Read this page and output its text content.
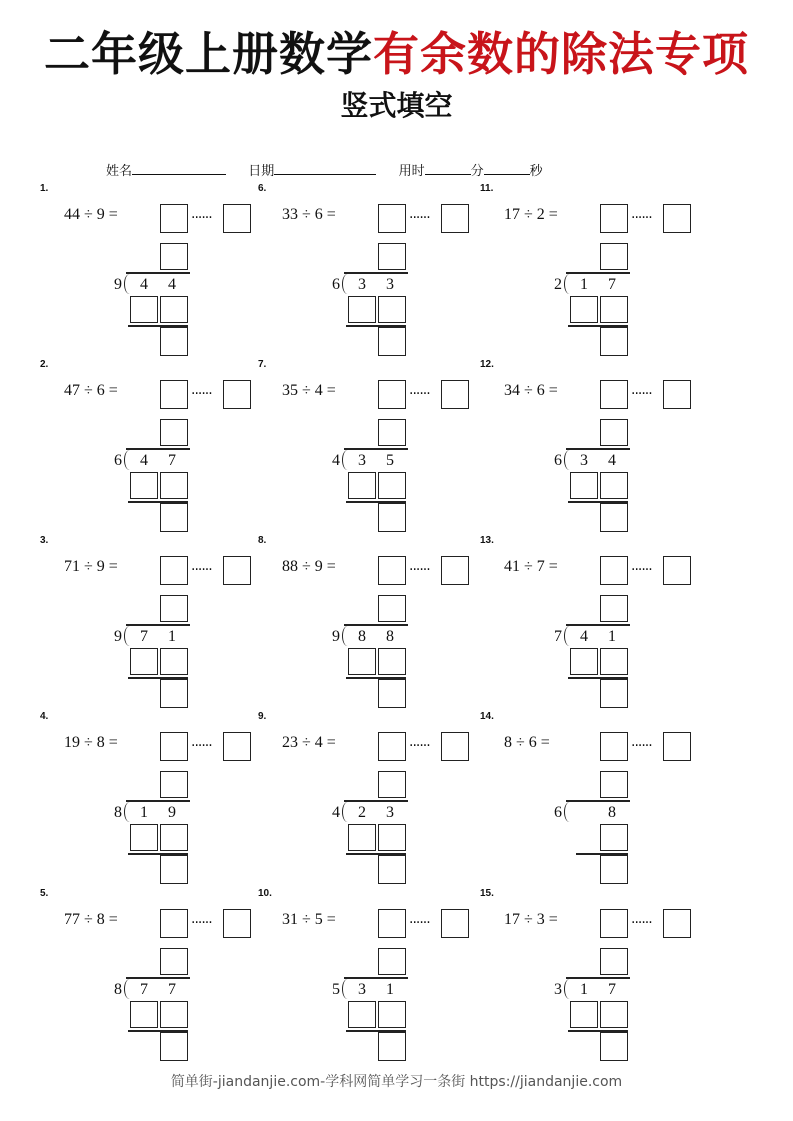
二年级上册数学有余数的除法专项
竖式填空
姓名	日期	用时	分	秒
1.
44 ÷ 9 =	······
9 4 4
2.
47 ÷ 6 =	······
6 4 7
3.
71 ÷ 9 =	······
9 7 1
4.
19 ÷ 8 =	······
8 1 9
5.
77 ÷ 8 =	······
8 7 7
6.
33 ÷ 6 =	······
6 3 3
7.
35 ÷ 4 =	······
4 3 5
8.
88 ÷ 9 =	······
9 8 8
9.
23 ÷ 4 =	······
4 2 3
10.
31 ÷ 5 =	······
5 3 1
11.
17 ÷ 2 =	······
2 1 7
12.
34 ÷ 6 =	······
6 3 4
13.
41 ÷ 7 =	······
7 4 1
14.
8 ÷ 6 =	······
6	8
15.
17 ÷ 3 =	······
3 1 7
简单街-jiandanjie.com-学科网简单学习一条街 https://jiandanjie.com
